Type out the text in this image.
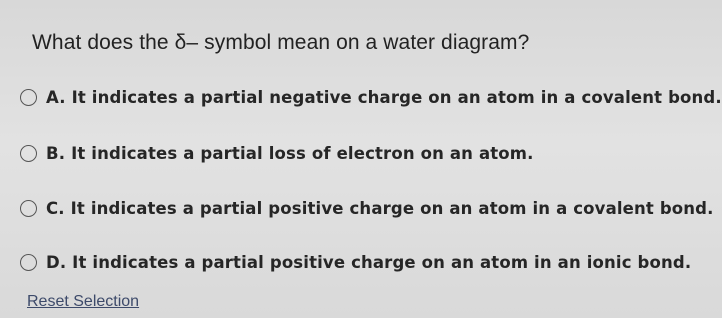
What does the δ– symbol mean on a water diagram?
A. It indicates a partial negative charge on an atom in a covalent bond.
B. It indicates a partial loss of electron on an atom.
C. It indicates a partial positive charge on an atom in a covalent bond.
D. It indicates a partial positive charge on an atom in an ionic bond.
Reset Selection
